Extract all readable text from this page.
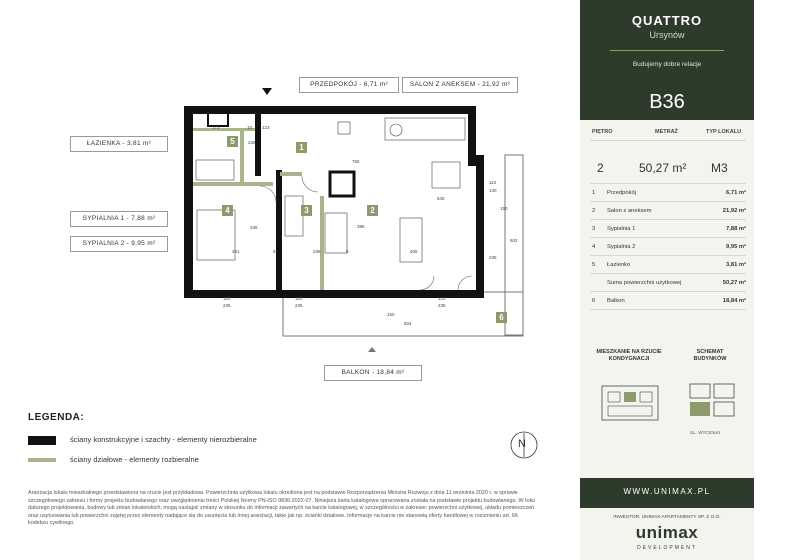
PRZEDPOKÓJ - 6,71 m²	SALON Z ANEKSEM - 21,92 m²
ŁAZIENKA - 3,81 m²
SYPIALNIA 1 - 7,88 m²
SYPIALNIA 2 - 9,95 m²
BALKON - 18,84 m²
1
2
3
4
5
6
172	10 123
226
765
110
140
150
338	386
540
291	8	236	8	405
235
602
804
150
120
235
120
235
120
235
LEGENDA:
ściany konstrukcyjne i szachty - elementy nierozbieralne
ściany działowe - elementy rozbieralne
N
Aranżacja lokalu mieszkalnego przedstawiona na rzucie jest przykładowa. Powierzchnia użytkowa lokalu określona jest na podstawie Rozporządzenia Ministra Rozwoju z dnia 11 września 2020 r. w sprawie szczegółowego zakresu i formy projektu budowlanego oraz uwzględnieniu treści Polskiej Normy PN-ISO 9836:2022-07. Niniejsza karta katalogowa opracowana została na podstawie projektu budowlanego. W toku dalszego projektowania, budowy lub zmian lokatorskich, mogą nastąpić zmiany w stosunku do informacji zawartych na karcie katalogowej, w szczególności w zakresie: powierzchni użytkowej, układu pomieszczeń oraz usytuowania lub powierzchni zajętej przez elementy nadające się do usunięcia lub innej aranżacji, takie jak np. ścianki działowe. Informacje na karcie nie stanowią oferty handlowej w rozumieniu art. 66 kodeksu cywilnego.
QUATTRO
Ursynów
Budujemy dobre relacje
B36
PIĘTRO	METRAŻ	TYP LOKALU
2	50,27 m² M3
1 Przedpokój	6,71 m²
2 Salon z aneksem	21,92 m²
3 Sypialnia 1	7,88 m²
4 Sypialnia 2	9,95 m²
5 Łazienko	3,81 m²
Suma powierzchni użytkowej	50,27 m²
6 Balkon	18,84 m²
MIESZKANIE NA RZUCIE KONDYGNACJI
SCHEMAT BUDYNKÓW
UL. WYCIOŁKI
WWW.UNIMAX.PL
INWESTOR: UNIMAX APARTAMENTY SP. Z O.O.
unimax
DEVELOPMENT
